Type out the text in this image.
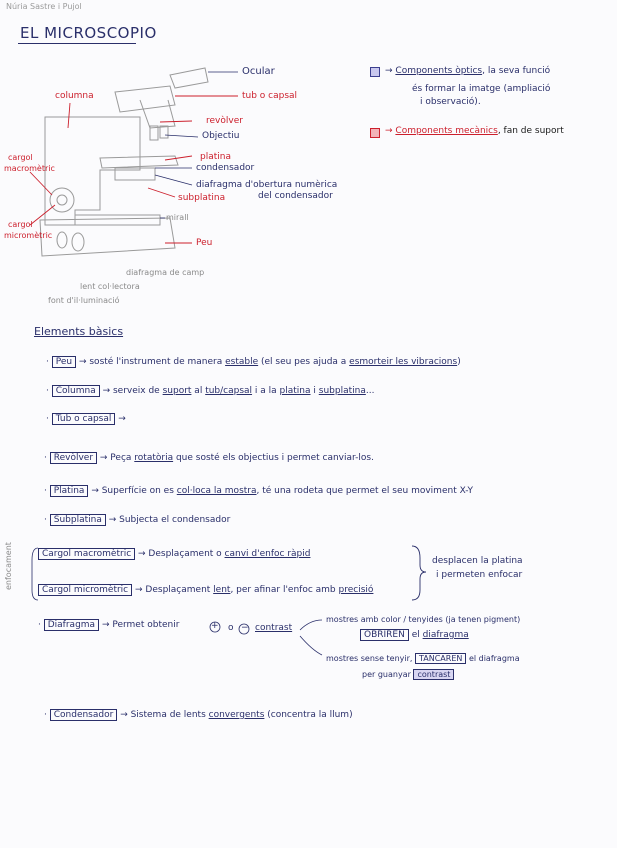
Núria Sastre i Pujol
EL MICROSCOPIO
Ocular
columna	tub o capsal
revòlver
Objectiu
platina
condensador
diafragma d'obertura numèrica
del condensador
subplatina
cargol
macromètric
cargol
micromètric
mirall
Peu
diafragma de camp
lent col·lectora
font d'il·luminació
→ Components òptics, la seva funció
és formar la imatge (ampliació
i observació).
→ Components mecànics, fan de suport
Elements bàsics
· Peu → sosté l'instrument de manera estable (el seu pes ajuda a esmorteir les vibracions)
· Columna → serveix de suport al tub/capsal i a la platina i subplatina...
· Tub o capsal →
· Revòlver → Peça rotatòria que sosté els objectius i permet canviar-los.
· Platina → Superfície on es col·loca la mostra, té una rodeta que permet el seu moviment X-Y
· Subplatina → Subjecta el condensador
enfocament	Cargol macromètric → Desplaçament o canvi d'enfoc ràpid
Cargol micromètric → Desplaçament lent, per afinar l'enfoc amb precisió
desplacen la platina
i permeten enfocar
· Diafragma → Permet obtenir	+ o − contrast
mostres amb color / tenyides (ja tenen pigment)
OBRIREN el diafragma
mostres sense tenyir, TANCAREN el diafragma
per guanyar contrast
· Condensador → Sistema de lents convergents (concentra la llum)
